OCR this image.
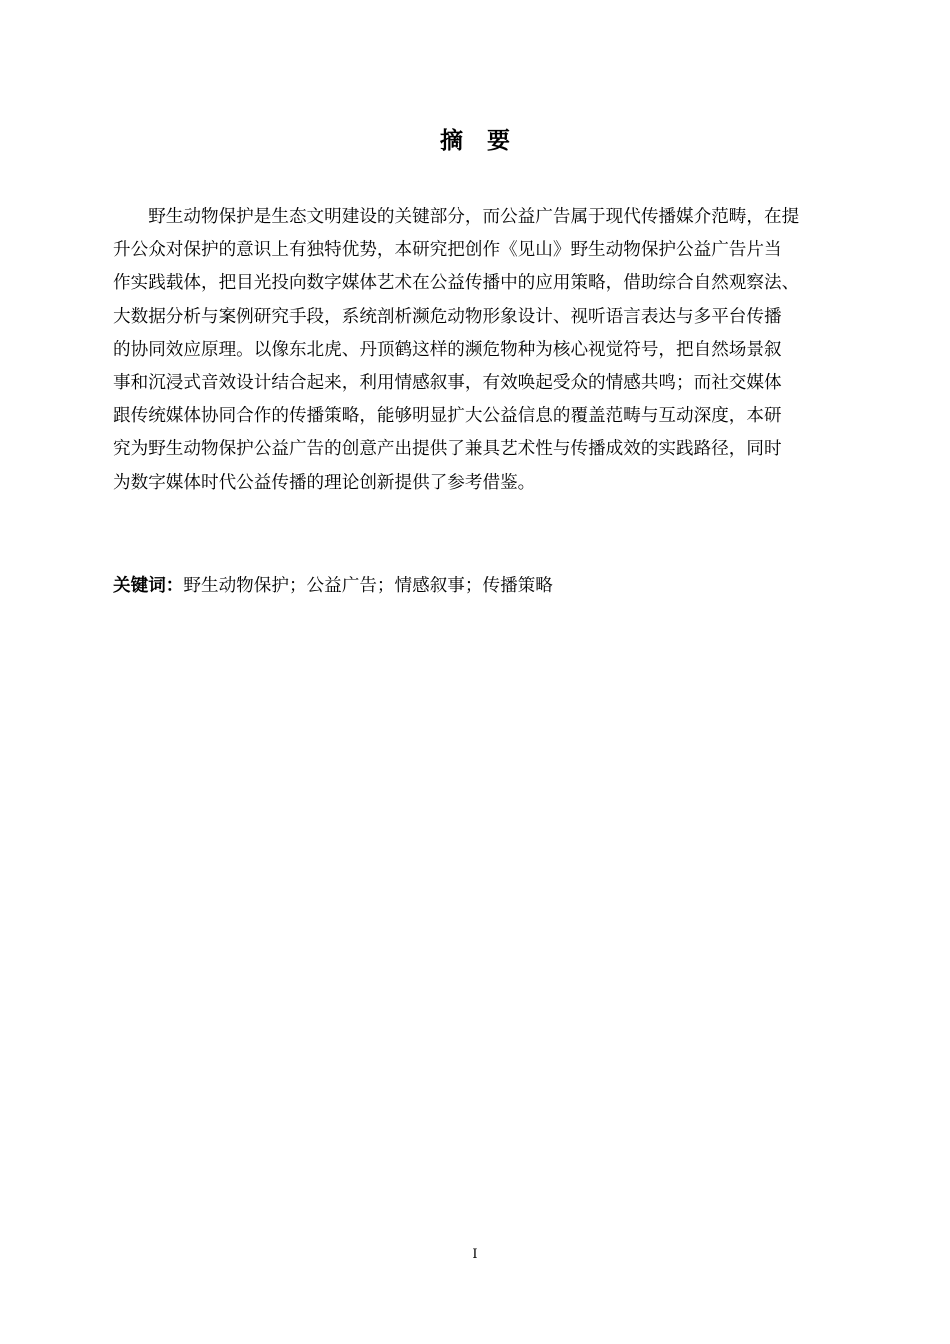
摘 要
　　野生动物保护是生态文明建设的关键部分，而公益广告属于现代传播媒介范畴，在提
升公众对保护的意识上有独特优势，本研究把创作《见山》野生动物保护公益广告片当
作实践载体，把目光投向数字媒体艺术在公益传播中的应用策略，借助综合自然观察法、
大数据分析与案例研究手段，系统剖析濒危动物形象设计、视听语言表达与多平台传播
的协同效应原理。以像东北虎、丹顶鹤这样的濒危物种为核心视觉符号，把自然场景叙
事和沉浸式音效设计结合起来，利用情感叙事，有效唤起受众的情感共鸣；而社交媒体
跟传统媒体协同合作的传播策略，能够明显扩大公益信息的覆盖范畴与互动深度，本研
究为野生动物保护公益广告的创意产出提供了兼具艺术性与传播成效的实践路径，同时
为数字媒体时代公益传播的理论创新提供了参考借鉴。
关键词：野生动物保护；公益广告；情感叙事；传播策略
I
